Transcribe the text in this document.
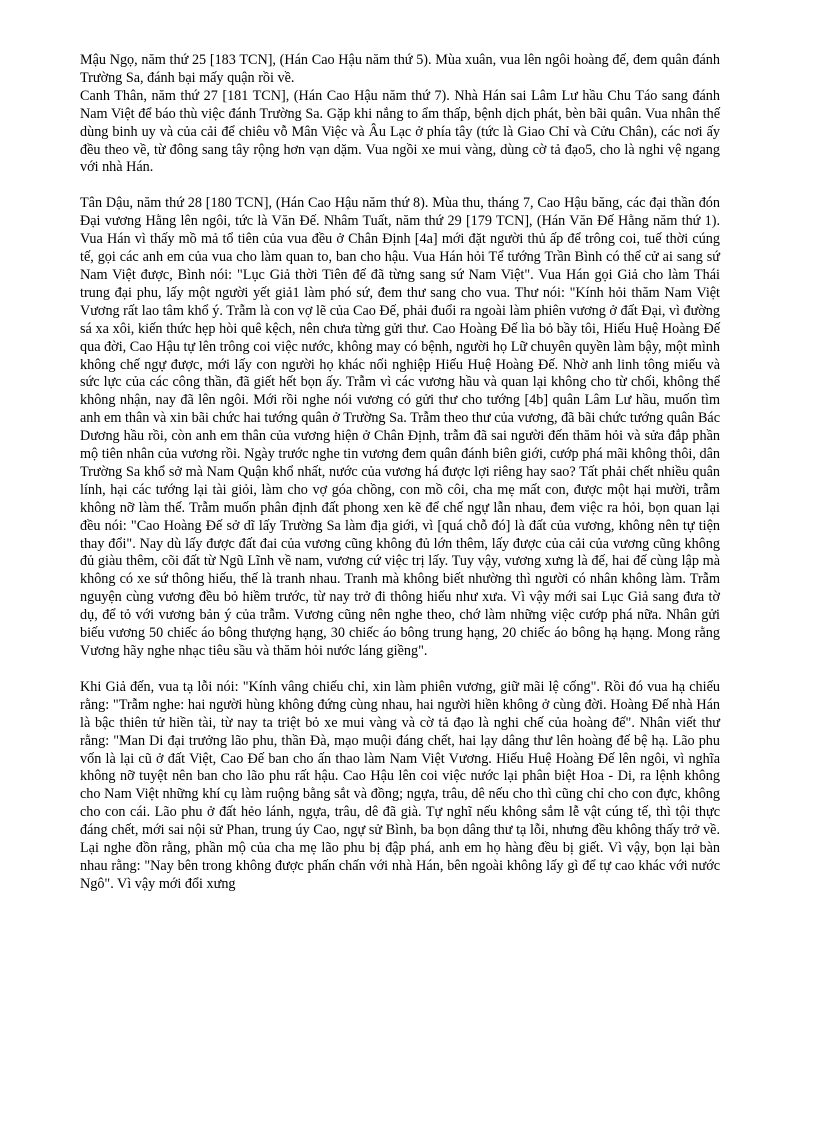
Mậu Ngọ, năm thứ 25 [183 TCN], (Hán Cao Hậu năm thứ 5). Mùa xuân, vua lên ngôi hoàng đế, đem quân đánh Trường Sa, đánh bại mấy quận rồi về.

Canh Thân, năm thứ 27 [181 TCN], (Hán Cao Hậu năm thứ 7). Nhà Hán sai Lâm Lư hầu Chu Táo sang đánh Nam Việt để báo thù việc đánh Trường Sa. Gặp khi nắng to ẩm thấp, bệnh dịch phát, bèn bãi quân. Vua nhân thế dùng binh uy và của cải để chiêu vỗ Mân Việc và Âu Lạc ở phía tây (tức là Giao Chỉ và Cửu Chân), các nơi ấy đều theo về, từ đông sang tây rộng hơn vạn dặm. Vua ngồi xe mui vàng, dùng cờ tả đạo5, cho là nghi vệ ngang với nhà Hán.

Tân Dậu, năm thứ 28 [180 TCN], (Hán Cao Hậu năm thứ 8). Mùa thu, tháng 7, Cao Hậu băng, các đại thần đón Đại vương Hằng lên ngôi, tức là Văn Đế. Nhâm Tuất, năm thứ 29 [179 TCN], (Hán Văn Đế Hằng năm thứ 1). Vua Hán vì thấy mồ mả tổ tiên của vua đều ở Chân Định [4a] mới đặt người thủ ấp để trông coi, tuế thời cúng tế, gọi các anh em của vua cho làm quan to, ban cho hậu. Vua Hán hỏi Tể tướng Trần Bình có thể cử ai sang sứ Nam Việt được, Bình nói: "Lục Giả thời Tiên đế đã từng sang sứ Nam Việt". Vua Hán gọi Giả cho làm Thái trung đại phu, lấy một người yết giả1 làm phó sứ, đem thư sang cho vua. Thư nói: "Kính hỏi thăm Nam Việt Vương rất lao tâm khổ ý. Trẫm là con vợ lẽ của Cao Đế, phải đuổi ra ngoài làm phiên vương ở đất Đại, vì đường sá xa xôi, kiến thức hẹp hòi quê kệch, nên chưa từng gửi thư. Cao Hoàng Đế lìa bỏ bầy tôi, Hiếu Huệ Hoàng Đế qua đời, Cao Hậu tự lên trông coi việc nước, không may có bệnh, người họ Lữ chuyên quyền làm bậy, một mình không chế ngự được, mới lấy con người họ khác nối nghiệp Hiếu Huệ Hoàng Đế. Nhờ anh linh tông miếu và sức lực của các công thần, đã giết hết bọn ấy. Trẫm vì các vương hầu và quan lại không cho từ chối, không thể không nhận, nay đã lên ngôi. Mới rồi nghe nói vương có gửi thư cho tướng [4b] quân Lâm Lư hầu, muốn tìm anh em thân và xin bãi chức hai tướng quân ở Trường Sa. Trẫm theo thư của vương, đã bãi chức tướng quân Bác Dương hầu rồi, còn anh em thân của vương hiện ở Chân Định, trẫm đã sai người đến thăm hỏi và sửa đắp phần mộ tiên nhân của vương rồi. Ngày trước nghe tin vương đem quân đánh biên giới, cướp phá mãi không thôi, dân Trường Sa khổ sở mà Nam Quận khổ nhất, nước của vương há được lợi riêng hay sao? Tất phải chết nhiều quân lính, hại các tướng lại tài giỏi, làm cho vợ góa chồng, con mồ côi, cha mẹ mất con, được một hại mười, trẫm không nỡ làm thế. Trẫm muốn phân định đất phong xen kẽ để chế ngự lẫn nhau, đem việc ra hỏi, bọn quan lại đều nói: "Cao Hoàng Đế sở dĩ lấy Trường Sa làm địa giới, vì [quá chỗ đó] là đất của vương, không nên tự tiện thay đổi". Nay dù lấy được đất đai của vương cũng không đủ lớn thêm, lấy được của cải của vương cũng không đủ giàu thêm, cõi đất từ Ngũ Lĩnh về nam, vương cứ việc trị lấy. Tuy vậy, vương xưng là đế, hai đế cùng lập mà không có xe sứ thông hiếu, thế là tranh nhau. Tranh mà không biết nhường thì người có nhân không làm. Trẫm nguyện cùng vương đều bỏ hiềm trước, từ nay trở đi thông hiếu như xưa. Vì vậy mới sai Lục Giả sang đưa tờ dụ, để tỏ với vương bản ý của trẫm. Vương cũng nên nghe theo, chớ làm những việc cướp phá nữa. Nhân gửi biếu vương 50 chiếc áo bông thượng hạng, 30 chiếc áo bông trung hạng, 20 chiếc áo bông hạ hạng. Mong rằng Vương hãy nghe nhạc tiêu sầu và thăm hỏi nước láng giềng".

Khi Giả đến, vua tạ lỗi nói: "Kính vâng chiếu chỉ, xin làm phiên vương, giữ mãi lệ cống". Rồi đó vua hạ chiếu rằng: "Trẫm nghe: hai người hùng không đứng cùng nhau, hai người hiền không ở cùng đời. Hoàng Đế nhà Hán là bậc thiên tử hiền tài, từ nay ta triệt bỏ xe mui vàng và cờ tả đạo là nghi chế của hoàng đế". Nhân viết thư rằng: "Man Di đại trưởng lão phu, thần Đà, mạo muội đáng chết, hai lạy dâng thư lên hoàng đế bệ hạ. Lão phu vốn là lại cũ ở đất Việt, Cao Đế ban cho ấn thao làm Nam Việt Vương. Hiếu Huệ Hoàng Đế lên ngôi, vì nghĩa không nỡ tuyệt nên ban cho lão phu rất hậu. Cao Hậu lên coi việc nước lại phân biệt Hoa - Di, ra lệnh không cho Nam Việt những khí cụ làm ruộng bằng sắt và đồng; ngựa, trâu, dê nếu cho thì cũng chỉ cho con đực, không cho con cái. Lão phu ở đất hẻo lánh, ngựa, trâu, dê đã già. Tự nghĩ nếu không sắm lễ vật cúng tế, thì tội thực đáng chết, mới sai nội sử Phan, trung úy Cao, ngự sử Bình, ba bọn dâng thư tạ lỗi, nhưng đều không thấy trở về. Lại nghe đồn rằng, phần mộ của cha mẹ lão phu bị đập phá, anh em họ hàng đều bị giết. Vì vậy, bọn lại bàn nhau rằng: "Nay bên trong không được phấn chấn với nhà Hán, bên ngoài không lấy gì để tự cao khác với nước Ngô". Vì vậy mới đổi xưng
